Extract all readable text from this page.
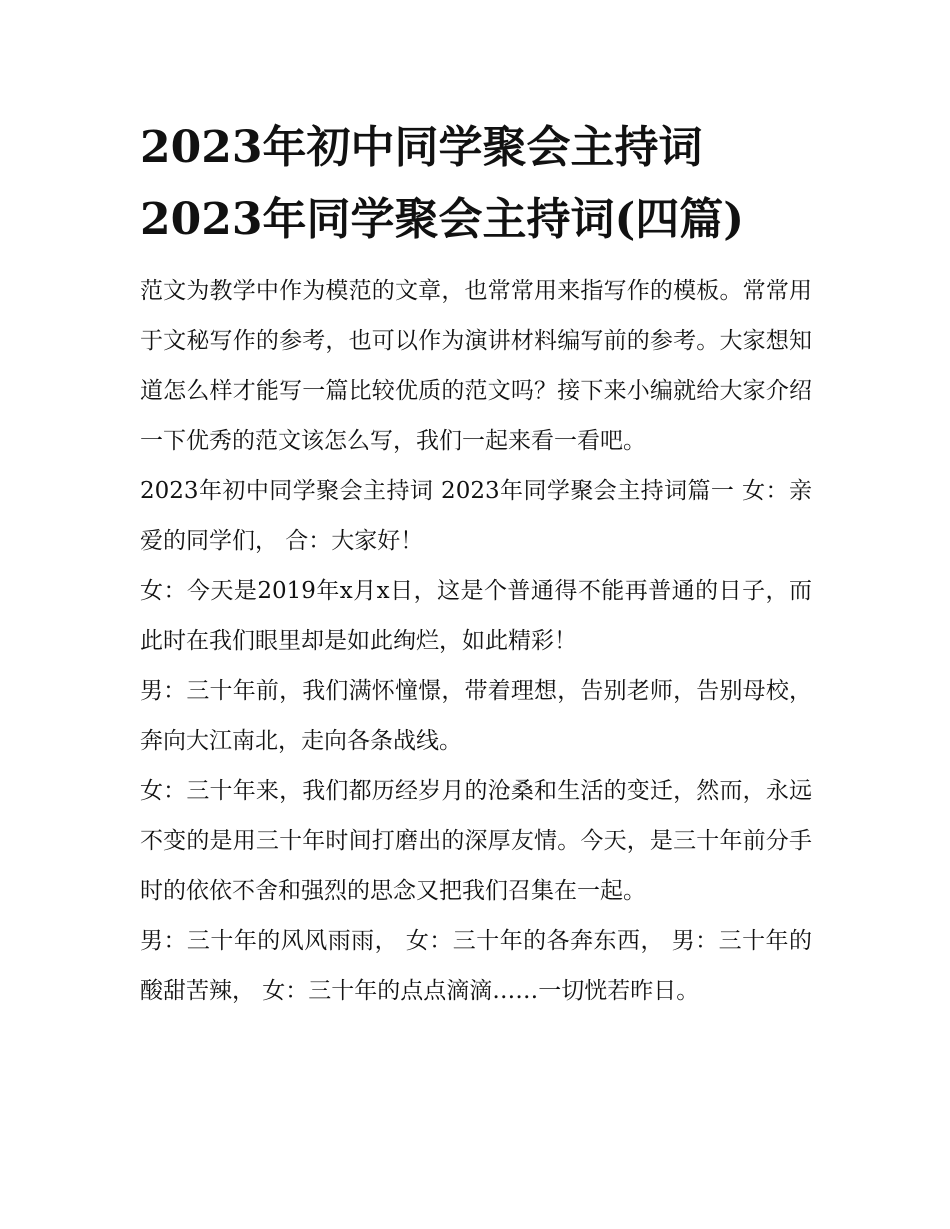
2023年初中同学聚会主持词
2023年同学聚会主持词(四篇)

范文为教学中作为模范的文章，也常常用来指写作的模板。常常用于文秘写作的参考，也可以作为演讲材料编写前的参考。大家想知道怎么样才能写一篇比较优质的范文吗？接下来小编就给大家介绍一下优秀的范文该怎么写，我们一起来看一看吧。

2023年初中同学聚会主持词 2023年同学聚会主持词篇一 女：亲爱的同学们， 合：大家好！

女：今天是2019年x月x日，这是个普通得不能再普通的日子，而此时在我们眼里却是如此绚烂，如此精彩！

男：三十年前，我们满怀憧憬，带着理想，告别老师，告别母校，奔向大江南北，走向各条战线。

女：三十年来，我们都历经岁月的沧桑和生活的变迁，然而，永远不变的是用三十年时间打磨出的深厚友情。今天，是三十年前分手时的依依不舍和强烈的思念又把我们召集在一起。

男：三十年的风风雨雨， 女：三十年的各奔东西， 男：三十年的酸甜苦辣， 女：三十年的点点滴滴……一切恍若昨日。
